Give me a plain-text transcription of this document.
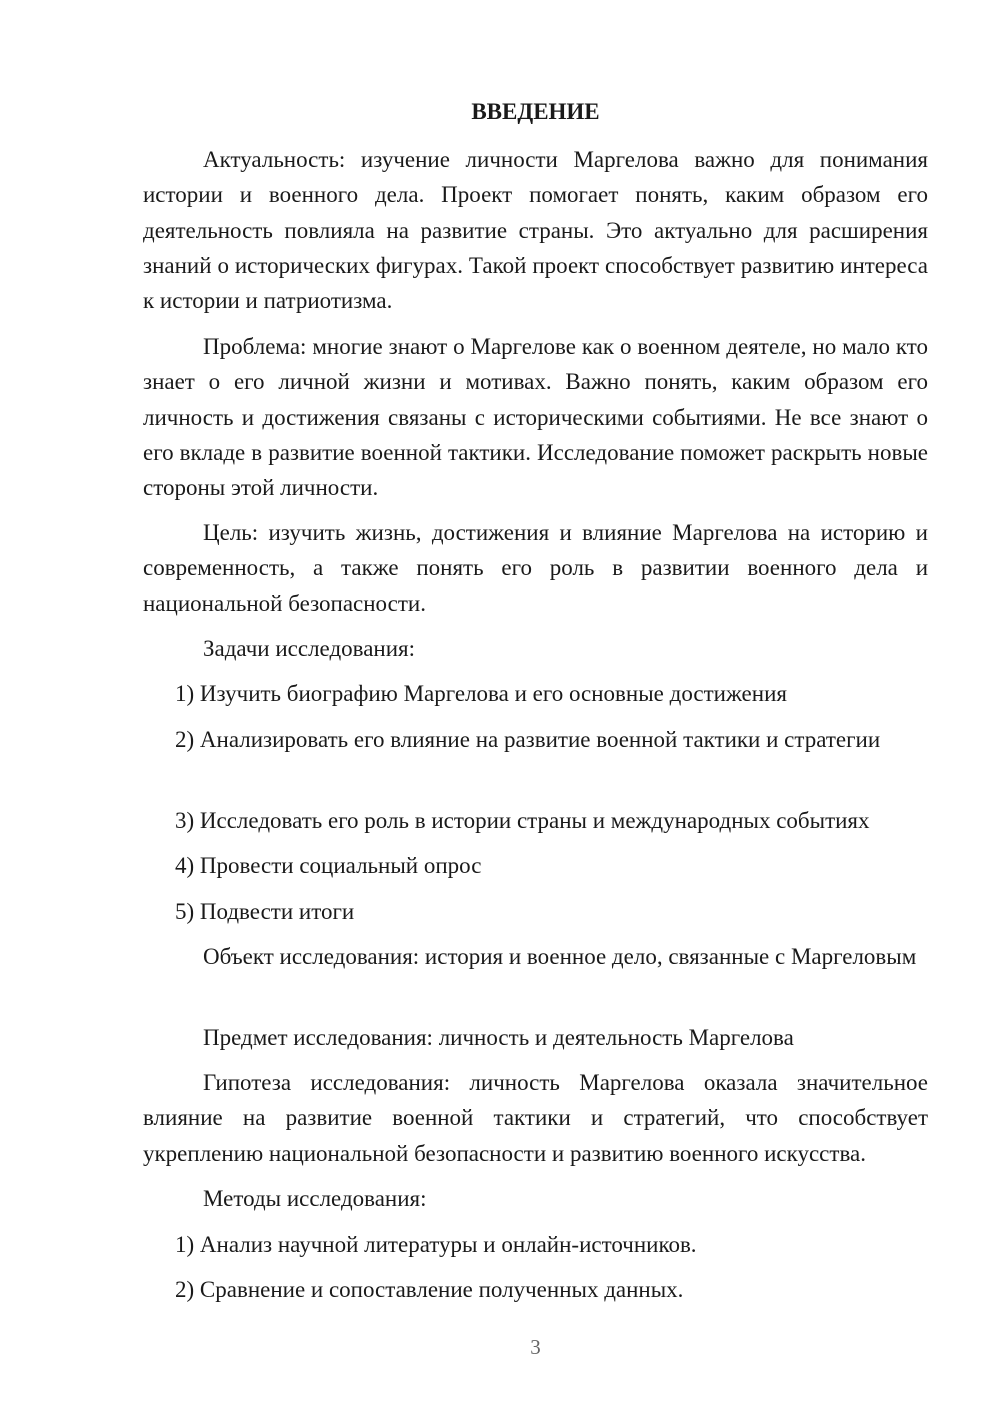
ВВЕДЕНИЕ

Актуальность: изучение личности Маргелова важно для понимания истории и военного дела. Проект помогает понять, каким образом его деятельность повлияла на развитие страны. Это актуально для расширения знаний о исторических фигурах. Такой проект способствует развитию интереса к истории и патриотизма.

Проблема: многие знают о Маргелове как о военном деятеле, но мало кто знает о его личной жизни и мотивах. Важно понять, каким образом его личность и достижения связаны с историческими событиями. Не все знают о его вкладе в развитие военной тактики. Исследование поможет раскрыть новые стороны этой личности.

Цель: изучить жизнь, достижения и влияние Маргелова на историю и современность, а также понять его роль в развитии военного дела и национальной безопасности.

Задачи исследования:

1) Изучить биографию Маргелова и его основные достижения

2) Анализировать его влияние на развитие военной тактики и стратегии

3) Исследовать его роль в истории страны и международных событиях

4) Провести социальный опрос

5) Подвести итоги

Объект исследования: история и военное дело, связанные с Маргеловым

Предмет исследования: личность и деятельность Маргелова

Гипотеза исследования: личность Маргелова оказала значительное влияние на развитие военной тактики и стратегий, что способствует укреплению национальной безопасности и развитию военного искусства.

Методы исследования:

1) Анализ научной литературы и онлайн-источников.

2) Сравнение и сопоставление полученных данных.

3
